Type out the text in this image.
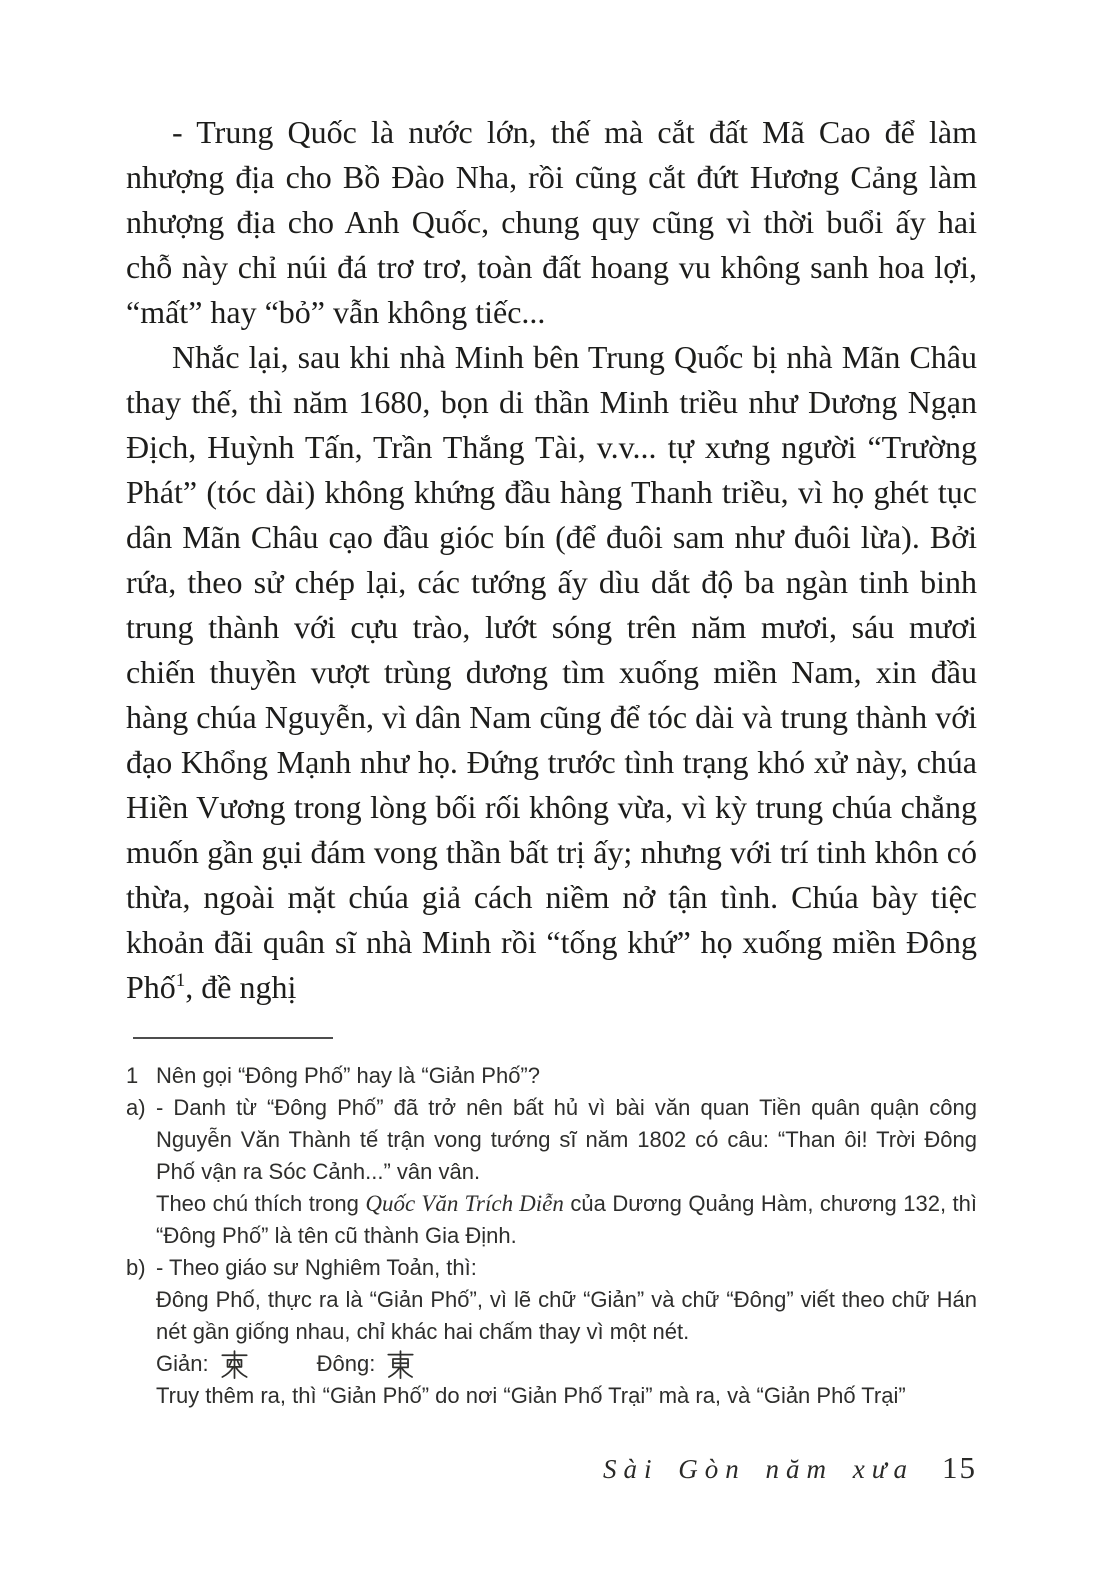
- Trung Quốc là nước lớn, thế mà cắt đất Mã Cao để làm nhượng địa cho Bồ Đào Nha, rồi cũng cắt đứt Hương Cảng làm nhượng địa cho Anh Quốc, chung quy cũng vì thời buổi ấy hai chỗ này chỉ núi đá trơ trơ, toàn đất hoang vu không sanh hoa lợi, “mất” hay “bỏ” vẫn không tiếc...

Nhắc lại, sau khi nhà Minh bên Trung Quốc bị nhà Mãn Châu thay thế, thì năm 1680, bọn di thần Minh triều như Dương Ngạn Địch, Huỳnh Tấn, Trần Thắng Tài, v.v... tự xưng người “Trường Phát” (tóc dài) không khứng đầu hàng Thanh triều, vì họ ghét tục dân Mãn Châu cạo đầu gióc bín (để đuôi sam như đuôi lừa). Bởi rứa, theo sử chép lại, các tướng ấy dìu dắt độ ba ngàn tinh binh trung thành với cựu trào, lướt sóng trên năm mươi, sáu mươi chiến thuyền vượt trùng dương tìm xuống miền Nam, xin đầu hàng chúa Nguyễn, vì dân Nam cũng để tóc dài và trung thành với đạo Khổng Mạnh như họ. Đứng trước tình trạng khó xử này, chúa Hiền Vương trong lòng bối rối không vừa, vì kỳ trung chúa chẳng muốn gần gụi đám vong thần bất trị ấy; nhưng với trí tinh khôn có thừa, ngoài mặt chúa giả cách niềm nở tận tình. Chúa bày tiệc khoản đãi quân sĩ nhà Minh rồi “tống khứ” họ xuống miền Đông Phố$^1$, đề nghị

1 Nên gọi “Đông Phố” hay là “Giản Phố”?

a) - Danh từ “Đông Phố” đã trở nên bất hủ vì bài văn quan Tiền quân quận công Nguyễn Văn Thành tế trận vong tướng sĩ năm 1802 có câu: “Than ôi! Trời Đông Phố vận ra Sóc Cảnh...” vân vân.

Theo chú thích trong Quốc Văn Trích Diễn của Dương Quảng Hàm, chương 132, thì “Đông Phố” là tên cũ thành Gia Định.

b) - Theo giáo sư Nghiêm Toản, thì:

Đông Phố, thực ra là “Giản Phố”, vì lẽ chữ “Giản” và chữ “Đông” viết theo chữ Hán nét gần giống nhau, chỉ khác hai chấm thay vì một nét.

Giản:	Đông:

Truy thêm ra, thì “Giản Phố” do nơi “Giản Phố Trại” mà ra, và “Giản Phố Trại”

Sài Gòn năm xưa 15
